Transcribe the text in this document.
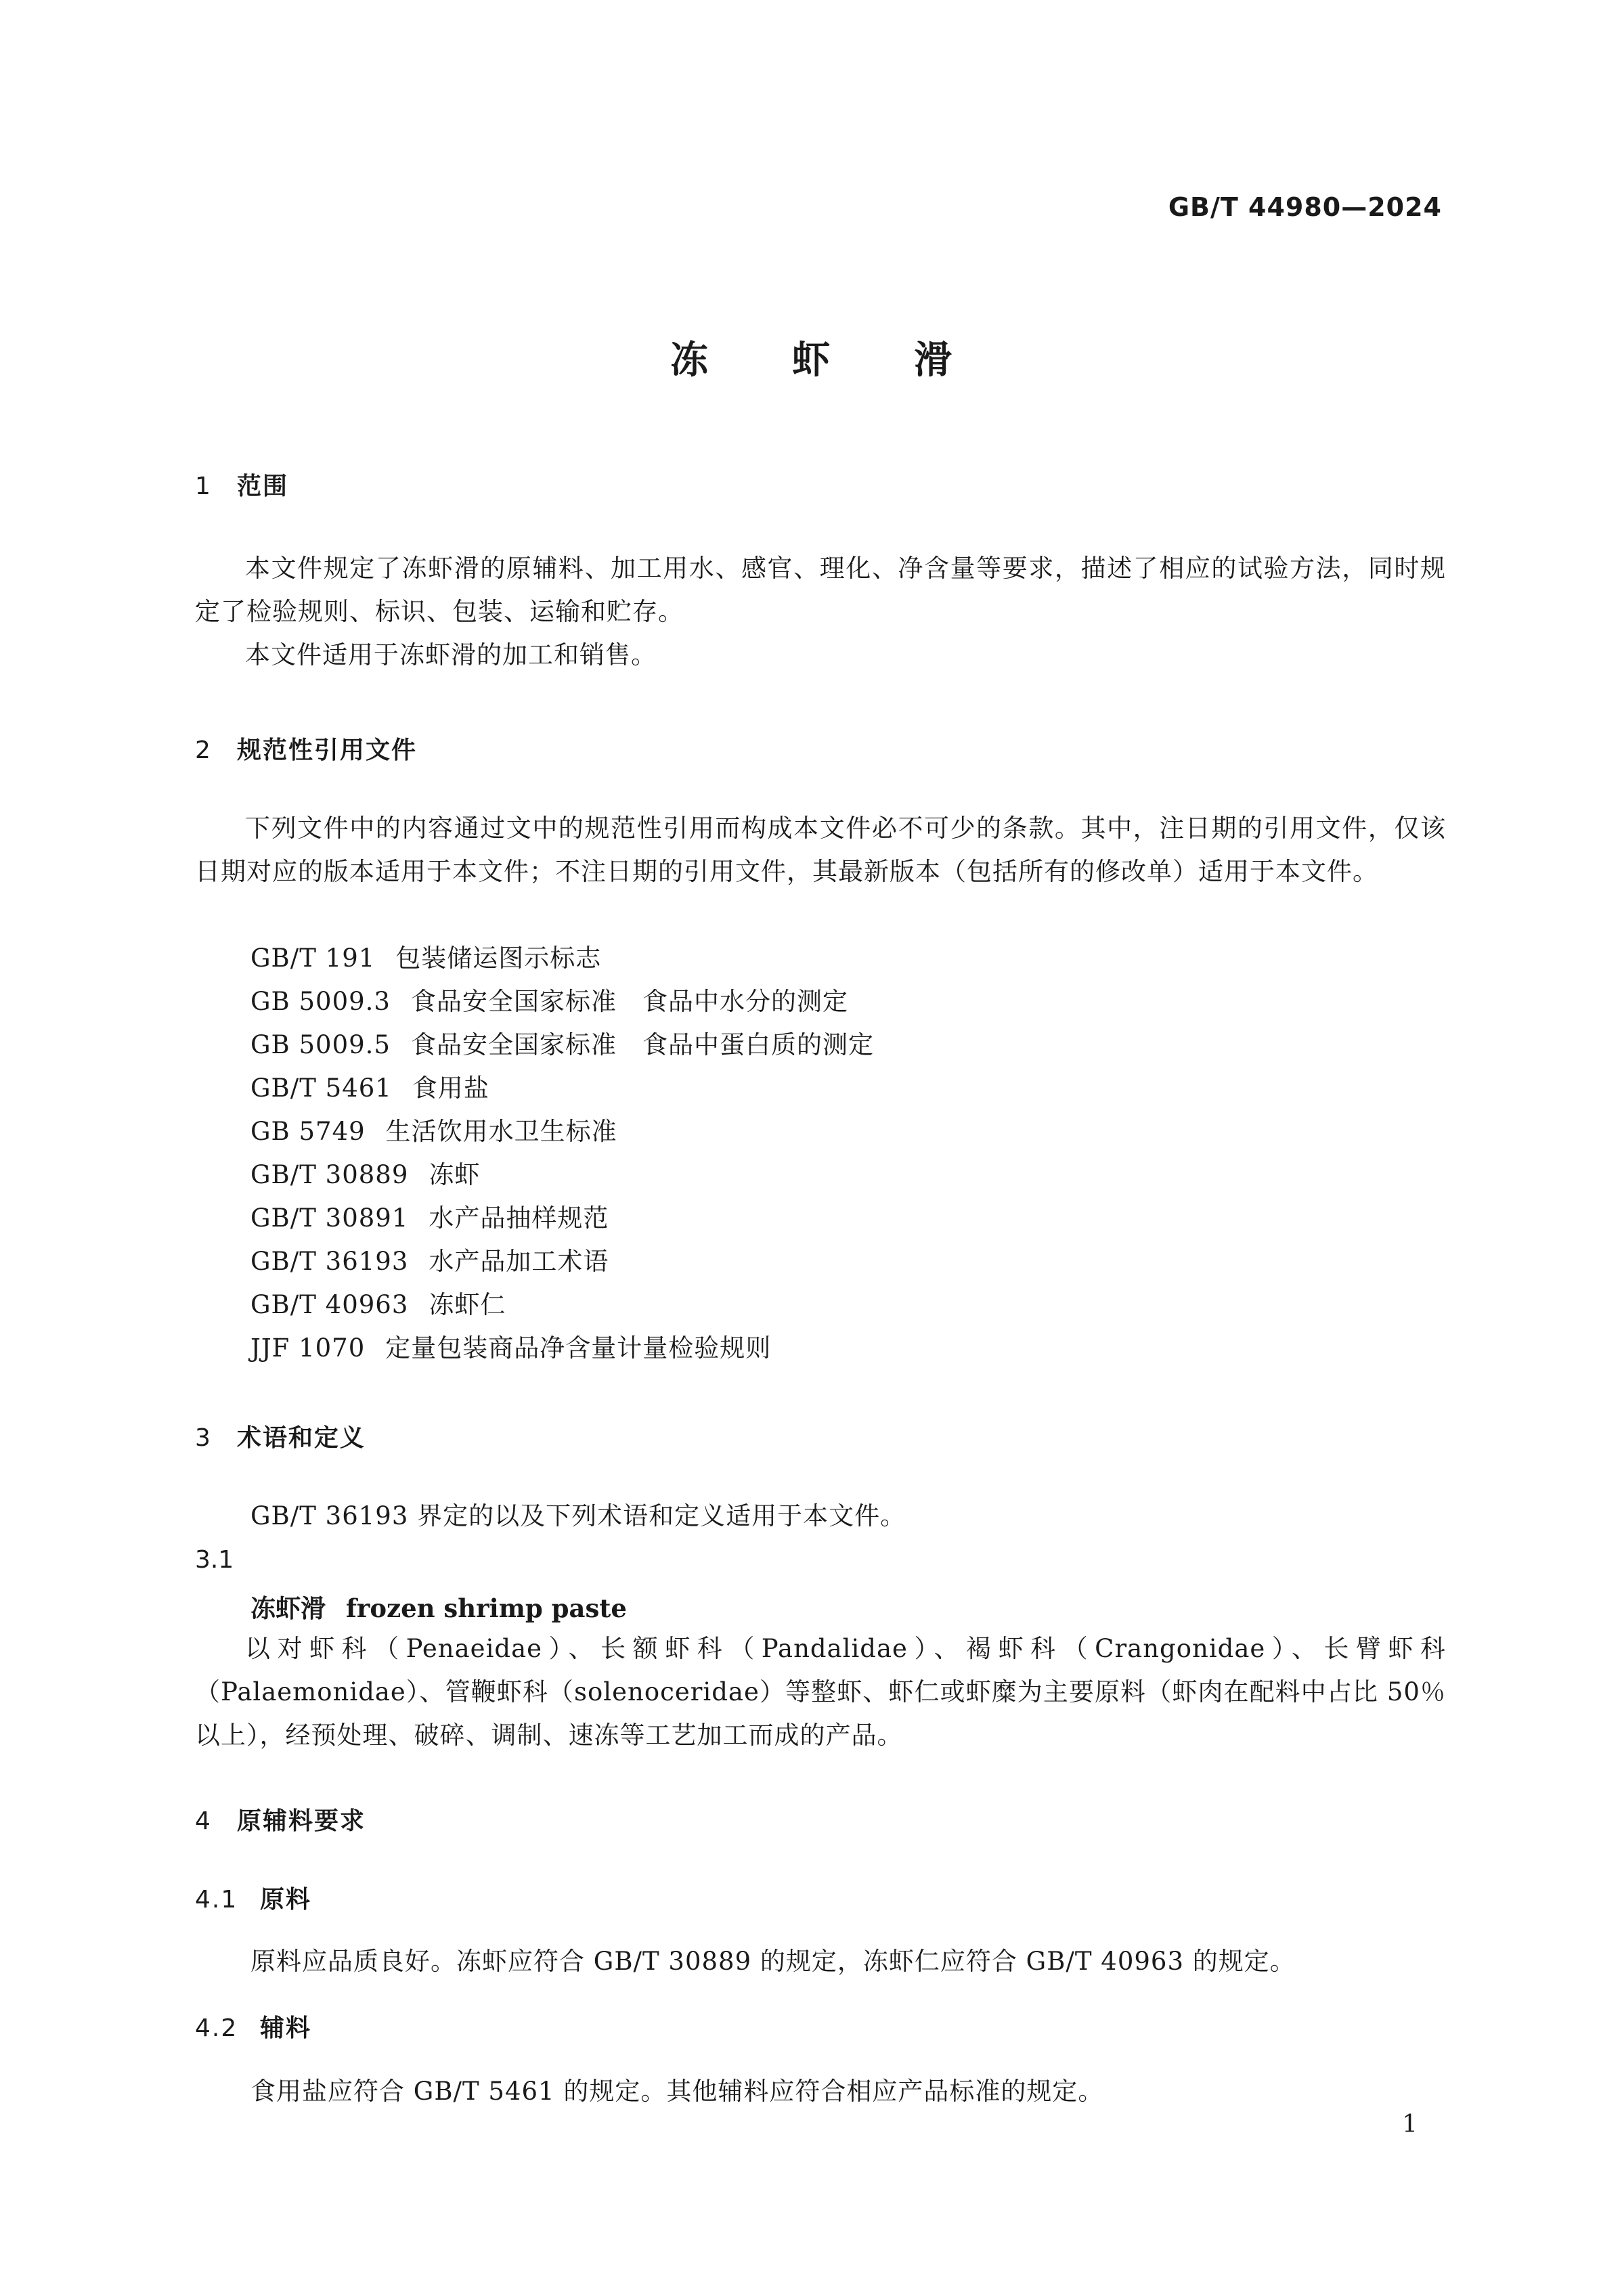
GB/T 44980—2024
冻 虾 滑
1 范围
本文件规定了冻虾滑的原辅料、加工用水、感官、理化、净含量等要求，描述了相应的试验方法，同时规定了检验规则、标识、包装、运输和贮存。
本文件适用于冻虾滑的加工和销售。
2 规范性引用文件
下列文件中的内容通过文中的规范性引用而构成本文件必不可少的条款。其中，注日期的引用文件，仅该日期对应的版本适用于本文件；不注日期的引用文件，其最新版本（包括所有的修改单）适用于本文件。
GB/T 191 包装储运图示标志
GB 5009.3 食品安全国家标准 食品中水分的测定
GB 5009.5 食品安全国家标准 食品中蛋白质的测定
GB/T 5461 食用盐
GB 5749 生活饮用水卫生标准
GB/T 30889 冻虾
GB/T 30891 水产品抽样规范
GB/T 36193 水产品加工术语
GB/T 40963 冻虾仁
JJF 1070 定量包装商品净含量计量检验规则
3 术语和定义
GB/T 36193 界定的以及下列术语和定义适用于本文件。
3.1
冻虾滑 frozen shrimp paste
以对虾科（Penaeidae）、长额虾科（Pandalidae）、褐虾科（Crangonidae）、长臂虾科（Palaemonidae）、管鞭虾科（solenoceridae）等整虾、虾仁或虾糜为主要原料（虾肉在配料中占比 50％以上），经预处理、破碎、调制、速冻等工艺加工而成的产品。
4 原辅料要求
4.1 原料
原料应品质良好。冻虾应符合 GB/T 30889 的规定，冻虾仁应符合 GB/T 40963 的规定。
4.2 辅料
食用盐应符合 GB/T 5461 的规定。其他辅料应符合相应产品标准的规定。
1
